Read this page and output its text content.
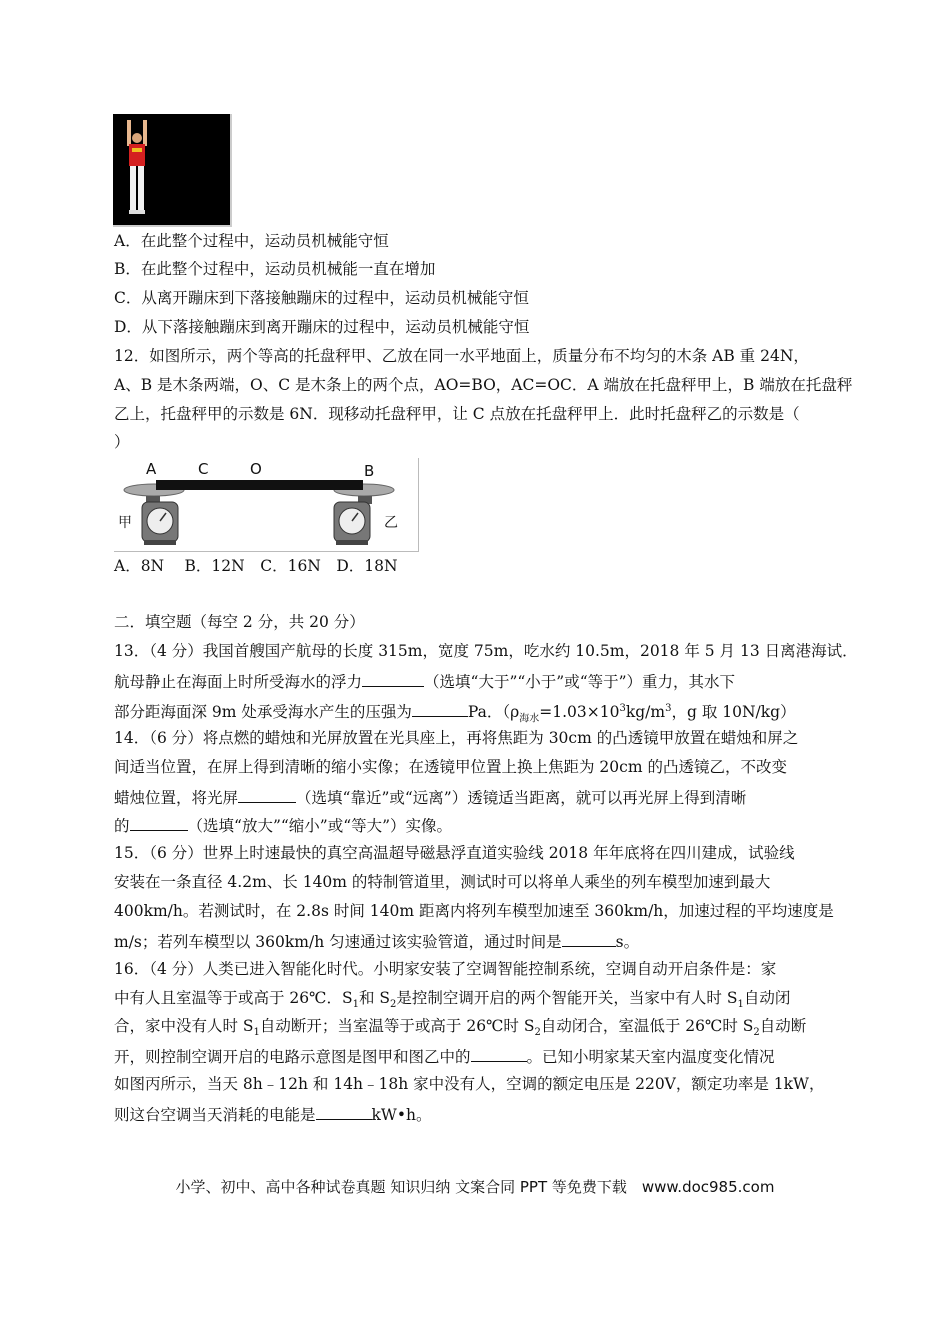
A．在此整个过程中，运动员机械能守恒
B．在此整个过程中，运动员机械能一直在增加
C．从离开蹦床到下落接触蹦床的过程中，运动员机械能守恒
D．从下落接触蹦床到离开蹦床的过程中，运动员机械能守恒
12．如图所示，两个等高的托盘秤甲、乙放在同一水平地面上，质量分布不均匀的木条 AB 重 24N，
A、B 是木条两端，O、C 是木条上的两个点，AO=BO，AC=OC．A 端放在托盘秤甲上，B 端放在托盘秤
乙上，托盘秤甲的示数是 6N．现移动托盘秤甲，让 C 点放在托盘秤甲上．此时托盘秤乙的示数是（
）
A	C	O	B
甲	乙
A．8N　 B．12N　C．16N　D．18N
二．填空题（每空 2 分，共 20 分）
13．（4 分）我国首艘国产航母的长度 315m，宽度 75m，吃水约 10.5m，2018 年 5 月 13 日离港海试．
航母静止在海面上时所受海水的浮力	（选填“大于”“小于”或“等于”）重力，其水下
部分距海面深 9m 处承受海水产生的压强为	Pa．（$\rho_{海水}=1.03\times 10^3kg/m^3$，g 取 10N/kg）
14．（6 分）将点燃的蜡烛和光屏放置在光具座上，再将焦距为 30cm 的凸透镜甲放置在蜡烛和屏之
间适当位置，在屏上得到清晰的缩小实像；在透镜甲位置上换上焦距为 20cm 的凸透镜乙，不改变
蜡烛位置，将光屏	（选填“靠近”或“远离”）透镜适当距离，就可以再光屏上得到清晰
的	（选填“放大”“缩小”或“等大”）实像。
15．（6 分）世界上时速最快的真空高温超导磁悬浮直道实验线 2018 年年底将在四川建成，试验线
安装在一条直径 4.2m、长 140m 的特制管道里，测试时可以将单人乘坐的列车模型加速到最大
400km/h。若测试时，在 2.8s 时间 140m 距离内将列车模型加速至 360km/h，加速过程的平均速度是
m/s；若列车模型以 360km/h 匀速通过该实验管道，通过时间是	s。
16．（4 分）人类已进入智能化时代。小明家安装了空调智能控制系统，空调自动开启条件是：家
中有人且室温等于或高于 26℃．$S_1$和 $S_2$是控制空调开启的两个智能开关，当家中有人时 $S_1$自动闭
合，家中没有人时 $S_1$自动断开；当室温等于或高于 26℃时 $S_2$自动闭合，室温低于 26℃时 $S_2$自动断
开，则控制空调开启的电路示意图是图甲和图乙中的	。已知小明家某天室内温度变化情况
如图丙所示，当天 8h﹣12h 和 14h﹣18h 家中没有人，空调的额定电压是 220V，额定功率是 1kW，
则这台空调当天消耗的电能是	kW•h。
小学、初中、高中各种试卷真题 知识归纳 文案合同 PPT 等免费下载　www.doc985.com
